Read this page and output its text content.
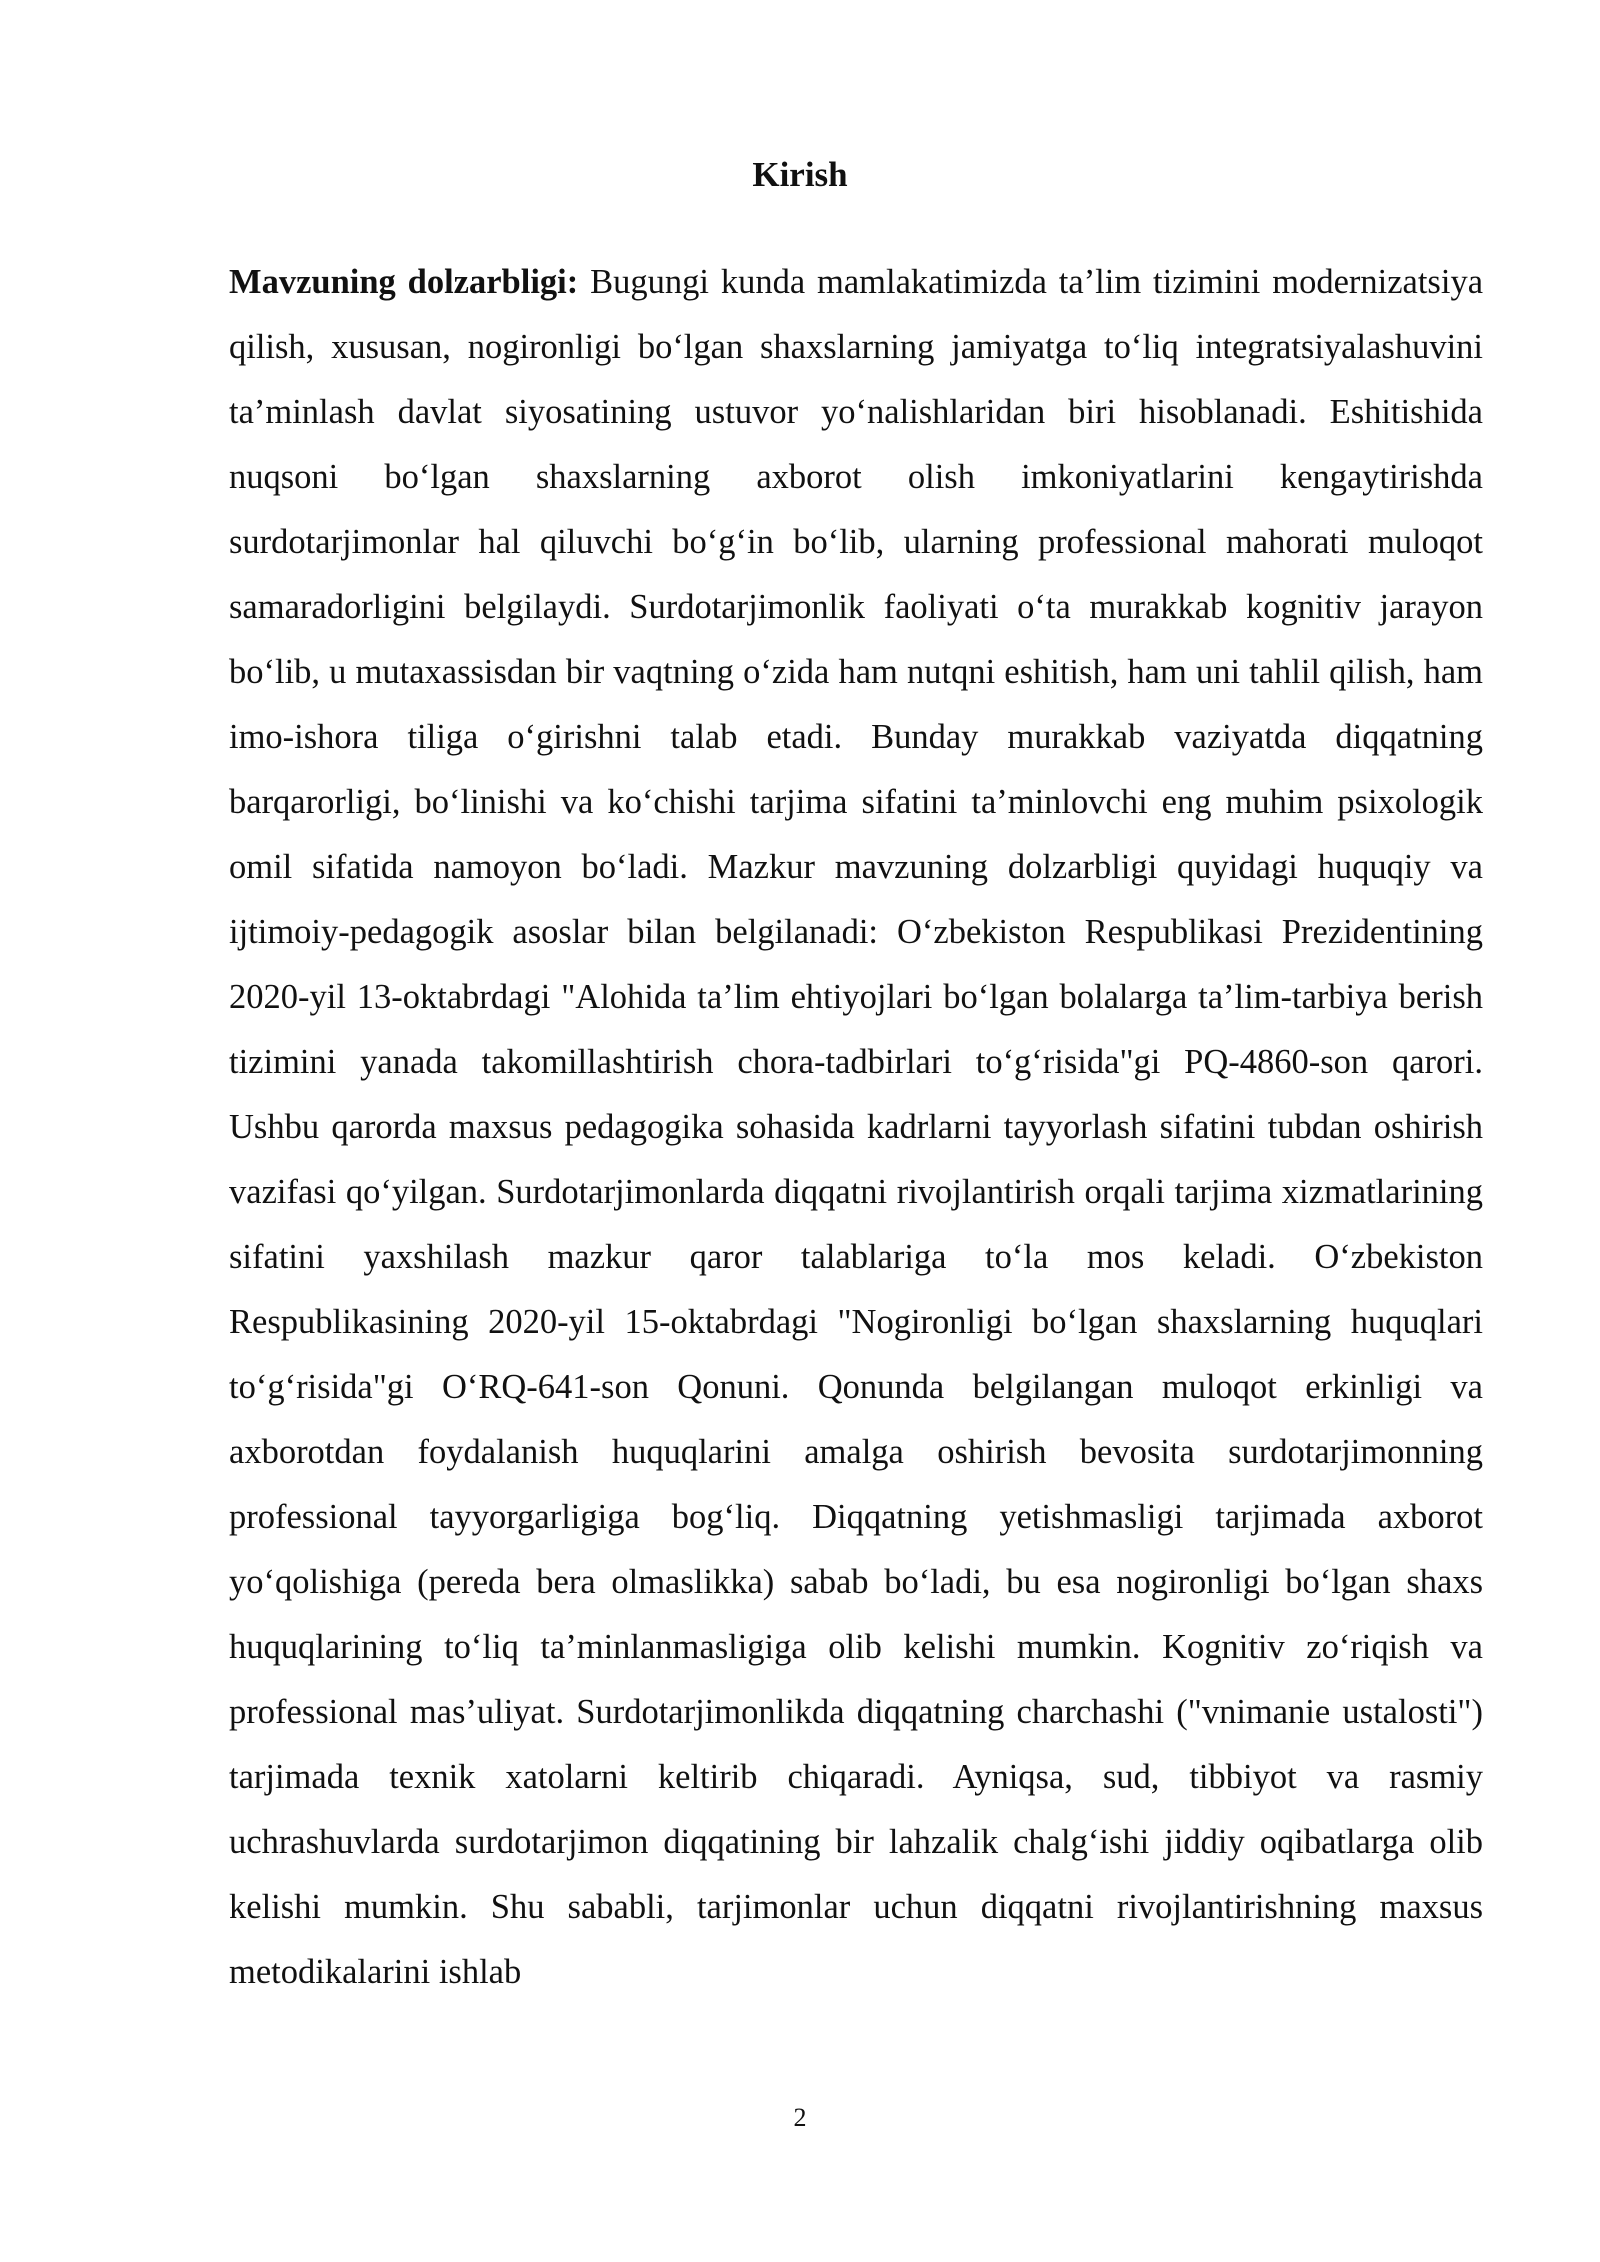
Kirish

Mavzuning dolzarbligi: Bugungi kunda mamlakatimizda ta’lim tizimini modernizatsiya qilish, xususan, nogironligi bo‘lgan shaxslarning jamiyatga to‘liq integratsiyalashuvini ta’minlash davlat siyosatining ustuvor yo‘nalishlaridan biri hisoblanadi. Eshitishida nuqsoni bo‘lgan shaxslarning axborot olish imkoniyatlarini kengaytirishda surdotarjimonlar hal qiluvchi bo‘g‘in bo‘lib, ularning professional mahorati muloqot samaradorligini belgilaydi. Surdotarjimonlik faoliyati o‘ta murakkab kognitiv jarayon bo‘lib, u mutaxassisdan bir vaqtning o‘zida ham nutqni eshitish, ham uni tahlil qilish, ham imo-ishora tiliga o‘girishni talab etadi. Bunday murakkab vaziyatda diqqatning barqarorligi, bo‘linishi va ko‘chishi tarjima sifatini ta’minlovchi eng muhim psixologik omil sifatida namoyon bo‘ladi. Mazkur mavzuning dolzarbligi quyidagi huquqiy va ijtimoiy-pedagogik asoslar bilan belgilanadi: O‘zbekiston Respublikasi Prezidentining 2020-yil 13-oktabrdagi "Alohida ta’lim ehtiyojlari bo‘lgan bolalarga ta’lim-tarbiya berish tizimini yanada takomillashtirish chora-tadbirlari to‘g‘risida"gi PQ-4860-son qarori. Ushbu qarorda maxsus pedagogika sohasida kadrlarni tayyorlash sifatini tubdan oshirish vazifasi qo‘yilgan. Surdotarjimonlarda diqqatni rivojlantirish orqali tarjima xizmatlarining sifatini yaxshilash mazkur qaror talablariga to‘la mos keladi. O‘zbekiston Respublikasining 2020-yil 15-oktabrdagi "Nogironligi bo‘lgan shaxslarning huquqlari to‘g‘risida"gi O‘RQ-641-son Qonuni. Qonunda belgilangan muloqot erkinligi va axborotdan foydalanish huquqlarini amalga oshirish bevosita surdotarjimonning professional tayyorgarligiga bog‘liq. Diqqatning yetishmasligi tarjimada axborot yo‘qolishiga (pereda bera olmaslikka) sabab bo‘ladi, bu esa nogironligi bo‘lgan shaxs huquqlarining to‘liq ta’minlanmasligiga olib kelishi mumkin. Kognitiv zo‘riqish va professional mas’uliyat. Surdotarjimonlikda diqqatning charchashi ("vnimanie ustalosti") tarjimada texnik xatolarni keltirib chiqaradi. Ayniqsa, sud, tibbiyot va rasmiy uchrashuvlarda surdotarjimon diqqatining bir lahzalik chalg‘ishi jiddiy oqibatlarga olib kelishi mumkin. Shu sababli, tarjimonlar uchun diqqatni rivojlantirishning maxsus metodikalarini ishlab

2
